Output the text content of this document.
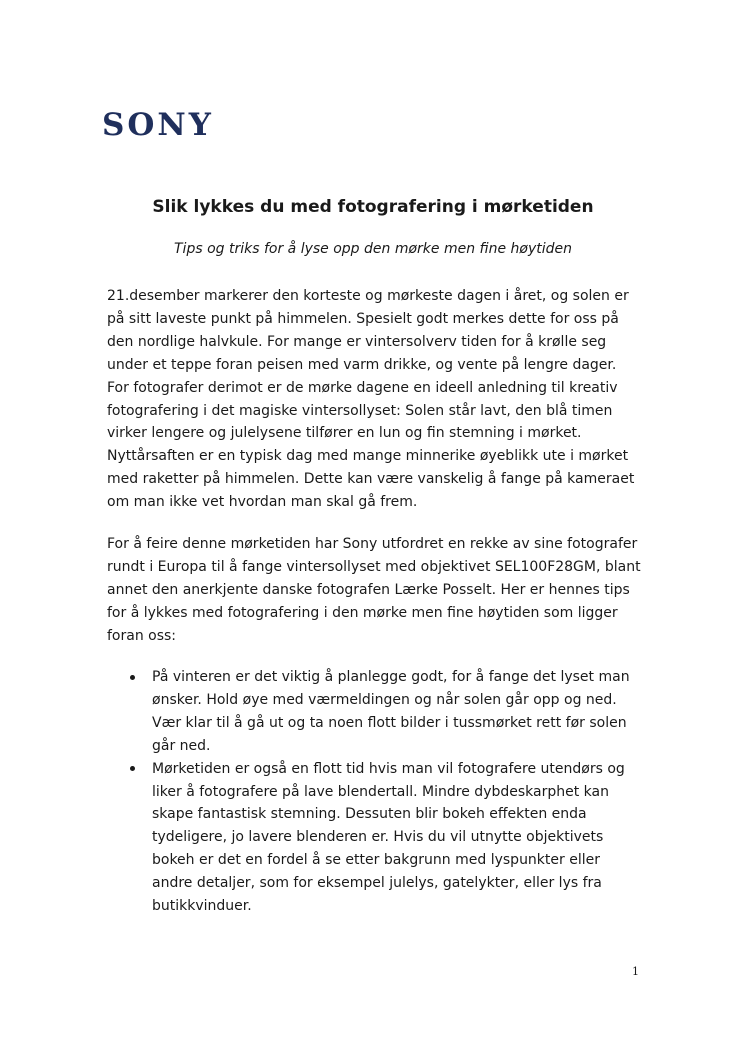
SONY
Slik lykkes du med fotografering i mørketiden

Tips og triks for å lyse opp den mørke men fine høytiden

21.desember markerer den korteste og mørkeste dagen i året, og solen er
på sitt laveste punkt på himmelen. Spesielt godt merkes dette for oss på
den nordlige halvkule. For mange er vintersolverv tiden for å krølle seg
under et teppe foran peisen med varm drikke, og vente på lengre dager.
For fotografer derimot er de mørke dagene en ideell anledning til kreativ
fotografering i det magiske vintersollyset: Solen står lavt, den blå timen
virker lengere og julelysene tilfører en lun og fin stemning i mørket.
Nyttårsaften er en typisk dag med mange minnerike øyeblikk ute i mørket
med raketter på himmelen. Dette kan være vanskelig å fange på kameraet
om man ikke vet hvordan man skal gå frem.

For å feire denne mørketiden har Sony utfordret en rekke av sine fotografer
rundt i Europa til å fange vintersollyset med objektivet SEL100F28GM, blant
annet den anerkjente danske fotografen Lærke Posselt. Her er hennes tips
for å lykkes med fotografering i den mørke men fine høytiden som ligger
foran oss:

På vinteren er det viktig å planlegge godt, for å fange det lyset man
ønsker. Hold øye med værmeldingen og når solen går opp og ned.
Vær klar til å gå ut og ta noen flott bilder i tussmørket rett før solen
går ned.
Mørketiden er også en flott tid hvis man vil fotografere utendørs og
liker å fotografere på lave blendertall. Mindre dybdeskarphet kan
skape fantastisk stemning. Dessuten blir bokeh effekten enda
tydeligere, jo lavere blenderen er. Hvis du vil utnytte objektivets
bokeh er det en fordel å se etter bakgrunn med lyspunkter eller
andre detaljer, som for eksempel julelys, gatelykter, eller lys fra
butikkvinduer.
1
